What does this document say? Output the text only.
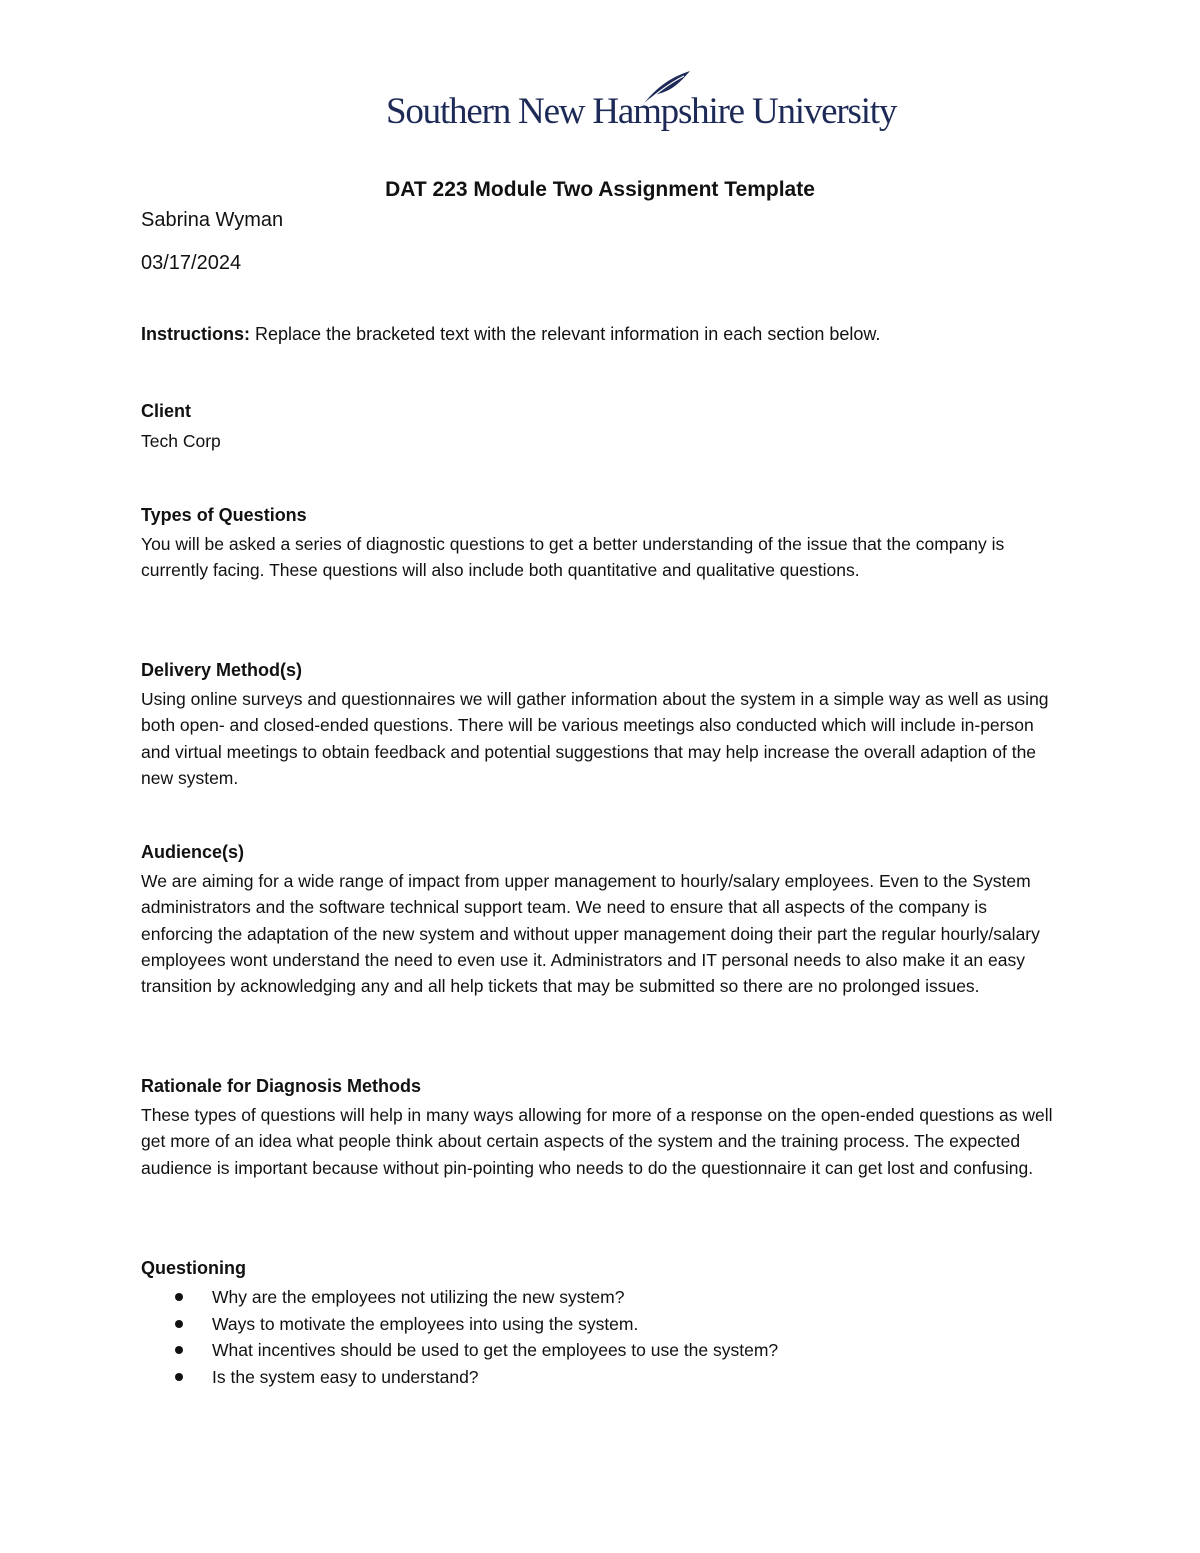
Southern New Hampshire University
DAT 223 Module Two Assignment Template
Sabrina Wyman
03/17/2024
Instructions: Replace the bracketed text with the relevant information in each section below.
Client
Tech Corp
Types of Questions
You will be asked a series of diagnostic questions to get a better understanding of the issue that the company is currently facing. These questions will also include both quantitative and qualitative questions.
Delivery Method(s)
Using online surveys and questionnaires we will gather information about the system in a simple way as well as using both open- and closed-ended questions. There will be various meetings also conducted which will include in-person and virtual meetings to obtain feedback and potential suggestions that may help increase the overall adaption of the new system.
Audience(s)
We are aiming for a wide range of impact from upper management to hourly/salary employees. Even to the System administrators and the software technical support team. We need to ensure that all aspects of the company is enforcing the adaptation of the new system and without upper management doing their part the regular hourly/salary employees wont understand the need to even use it. Administrators and IT personal needs to also make it an easy transition by acknowledging any and all help tickets that may be submitted so there are no prolonged issues.
Rationale for Diagnosis Methods
These types of questions will help in many ways allowing for more of a response on the open-ended questions as well get more of an idea what people think about certain aspects of the system and the training process. The expected audience is important because without pin-pointing who needs to do the questionnaire it can get lost and confusing.
Questioning
Why are the employees not utilizing the new system?
Ways to motivate the employees into using the system.
What incentives should be used to get the employees to use the system?
Is the system easy to understand?
